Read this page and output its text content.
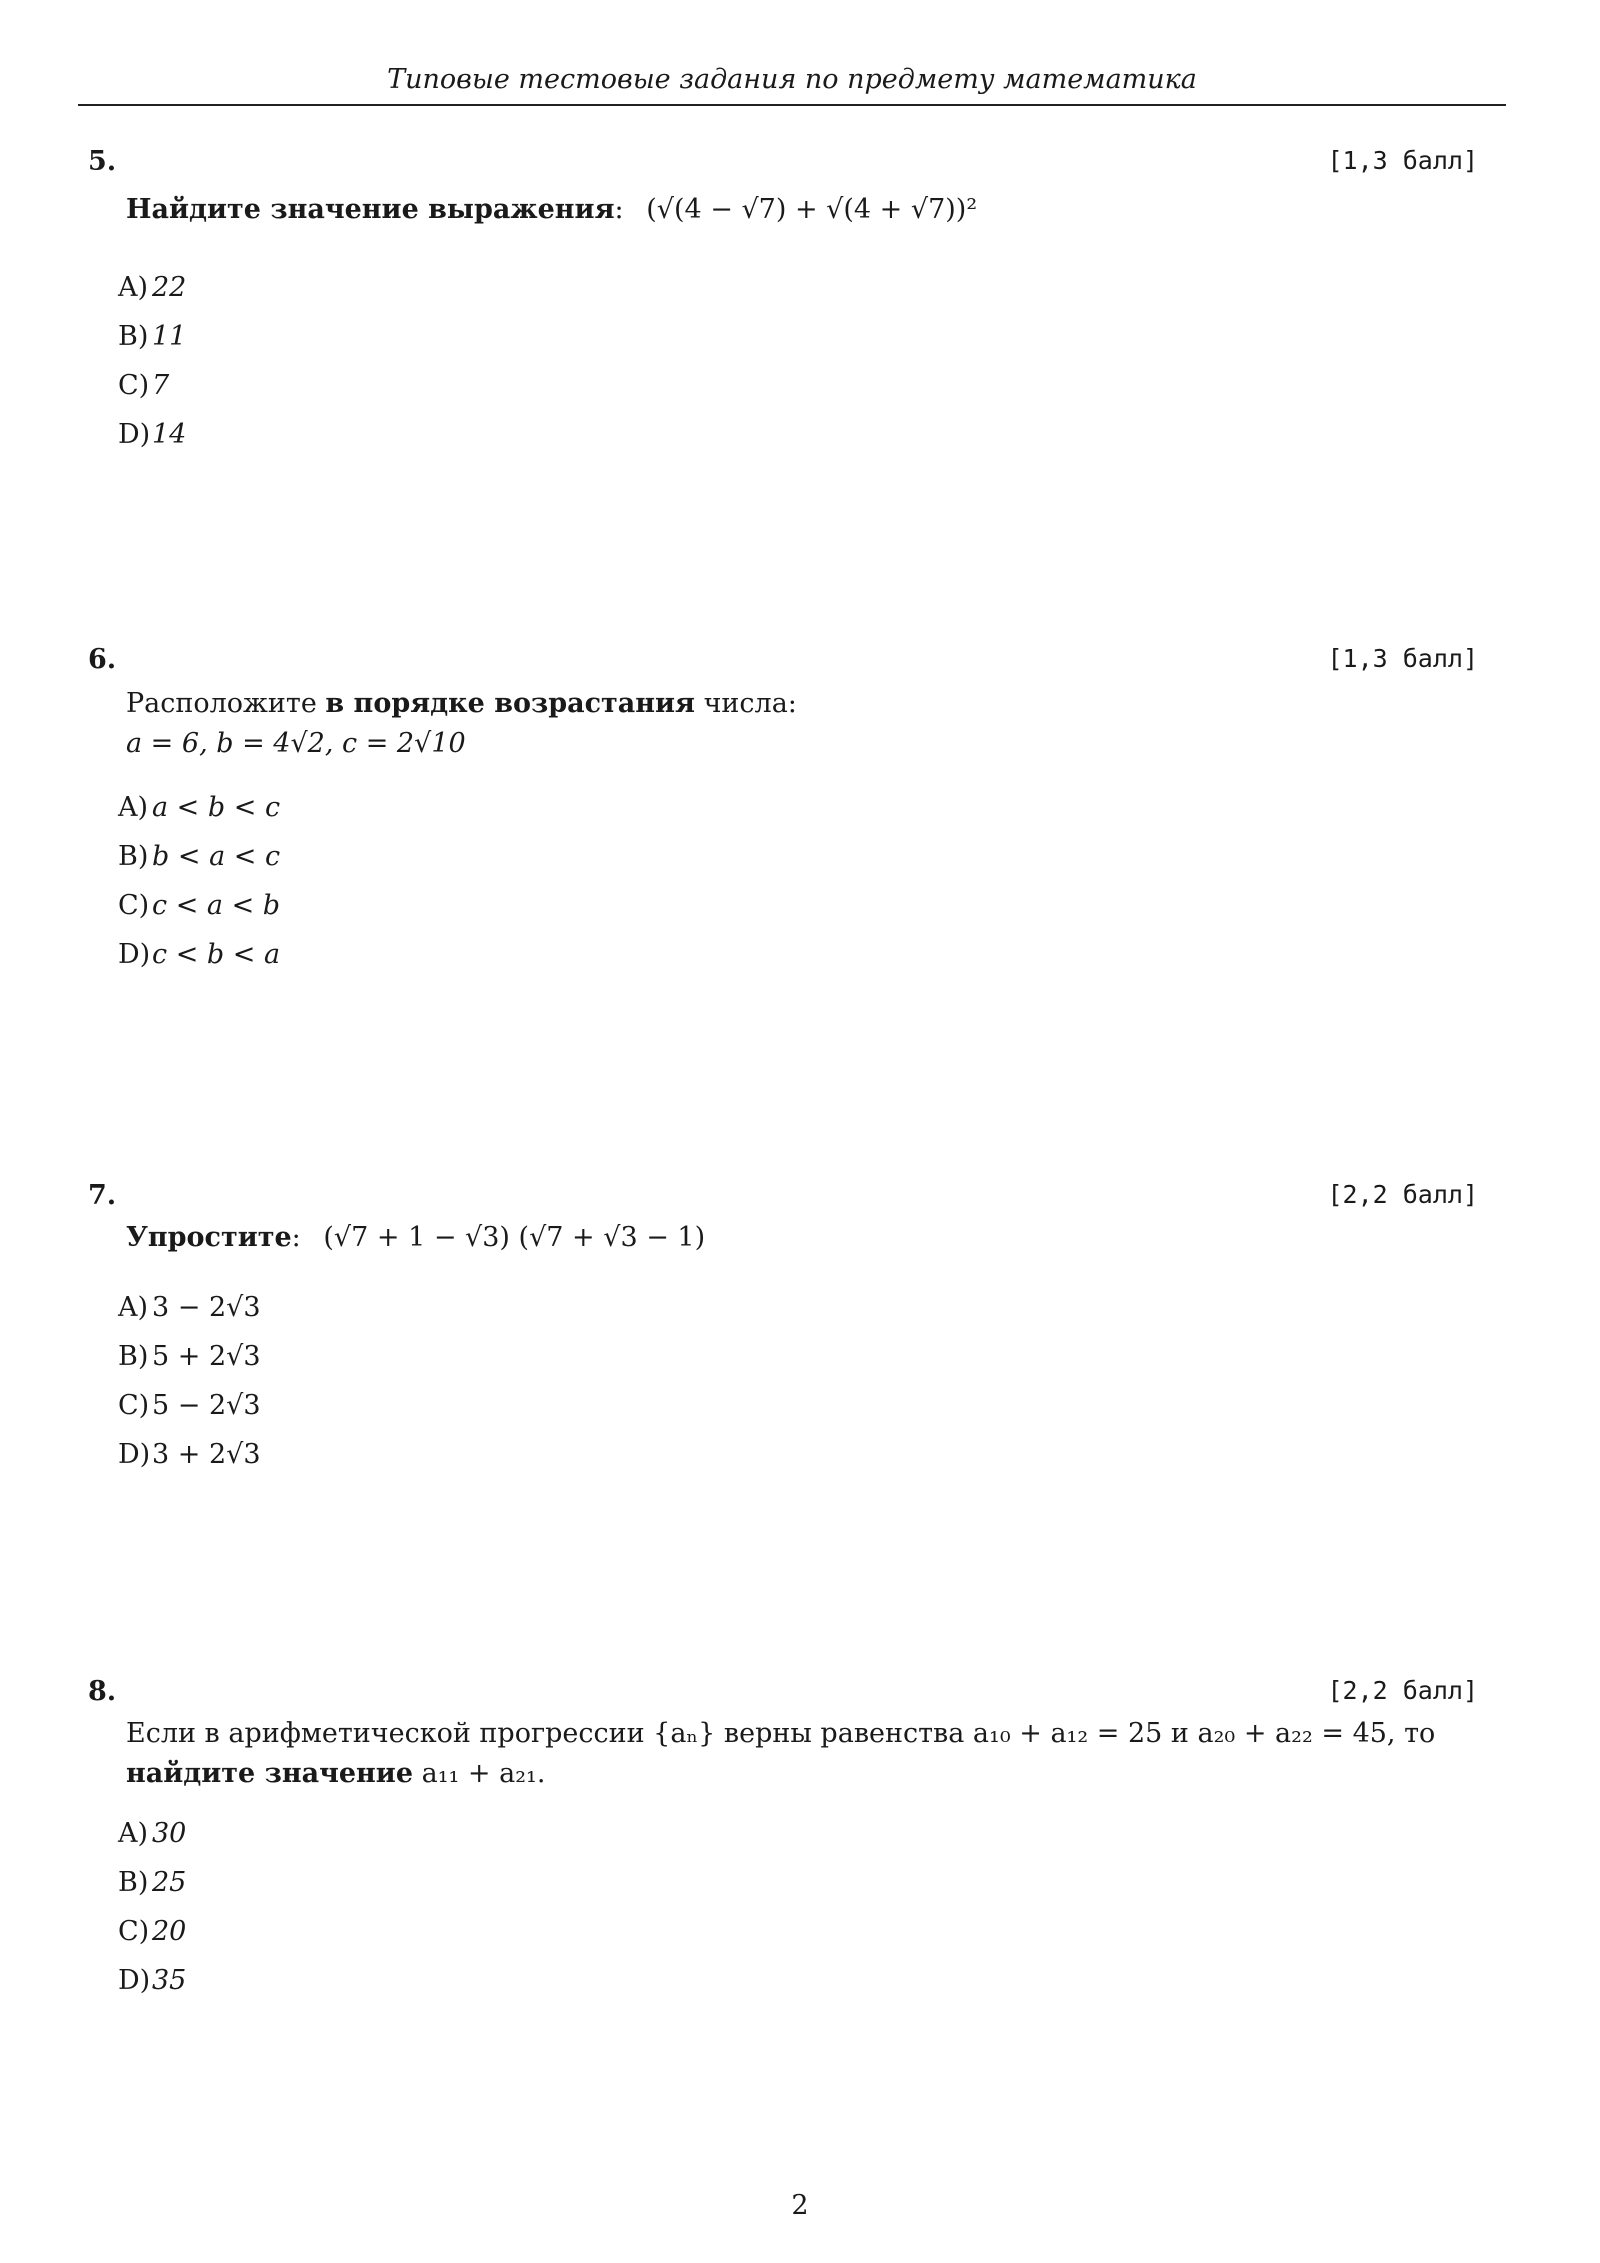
Типовые тестовые задания по предмету математика
5.	[1,3 балл]
Найдите значение выражения: (√(4 − √7) + √(4 + √7))²
A) 22
B) 11
C) 7
D)14
6.	[1,3 балл]
Расположите в порядке возрастания числа:
a = 6, b = 4√2, c = 2√10
A) a < b < c
B) b < a < c
C) c < a < b
D)c < b < a
7.	[2,2 балл]
Упростите: (√7 + 1 − √3) (√7 + √3 − 1)
A) 3 − 2√3
B) 5 + 2√3
C) 5 − 2√3
D)3 + 2√3
8.	[2,2 балл]
Если в арифметической прогрессии {aₙ} верны равенства a₁₀ + a₁₂ = 25 и a₂₀ + a₂₂ = 45, то
найдите значение a₁₁ + a₂₁.
A) 30
B) 25
C) 20
D)35
2
